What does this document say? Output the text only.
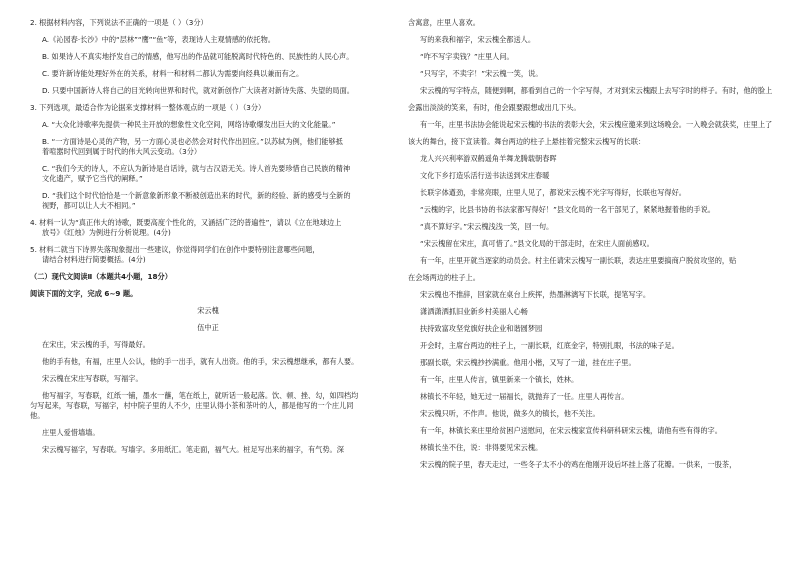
2. 根据材料内容，下列说法不正确的一项是（ ）（3分）
A.《沁园春·长沙》中的“层林”“鹰”“鱼”等，表现诗人主观情感的依托物。
B. 如果诗人不真实地抒发自己的情感，他写出的作品就可能脱离时代特色的、民族性的人民心声。
C. 要许新诗能处理好外在的关系，材料一和材料二都认为需要向经典以兼而有之。
D. 只要中国新诗人将自己的目光转向世界和时代，就对新创作广大读者对新诗失落、失望的局面。
3. 下列选项，最适合作为论据来支撑材料一整体观点的一项是（ ）（3分）
A. “大众化诗歌率先提供一种民主开放的想象性文化空间，网络诗歌爆发出巨大的文化能量。”
B. “一方面诗是心灵的产物，另一方面心灵也必然会对时代作出回应。”以苏轼为例，他们能够抵
着喧嚣时代回到属于时代的伟大风云变动。（3分）
C. “我们今天的诗人，不应认为新诗是自话诗，就与古汉语无关。诗人首先要珍惜自己民族的精神
文化遗产，赋予它当代的阐释。”
D. “我们这个时代恰恰是一个新意象新形象不断被创造出来的时代，新的经验、新的感受与全新的
视野，都可以让人大不相同。”
4. 材料一认为“真正伟大的诗歌，既要高度个性化的，又涵括广泛的普遍性”，请以《立在地球边上
放号》《红烛》为例进行分析说理。(4分)
5. 材料二就当下诗界失落现象提出一些建议，你觉得同学们在创作中要特别注意哪些问题，
请结合材料进行简要概括。(4分)
（二）现代文阅读Ⅱ（本题共4小题，18分）
阅读下面的文字，完成 6~9 题。
宋云槐
伍中正
在宋庄，宋云槐的手，写得最好。
他的手有他，有福，庄里人公认，他的手一出手，就有人出资。他的手，宋云槐想继承，都有人要。
宋云槐在宋庄写春联，写福字。
他写福字，写春联，红纸一铺，墨水一蘸，笔在纸上，就听话一般起落。饮、顿、挫、勾，如四档均
匀写起来，写春联，写福字，村中院子里的人不少，庄里认得小茶和茶叶的人，都是他写的一个庄儿同
他。
庄里人爱惜墙墙。
宋云槐写福字，写春联。写墙字。多用纸汇。笔走面，福气大。桩足写出来的福字，有气势。深
含寓意，庄里人喜欢。
写的来我和福字，宋云槐全都送人。
“咋不写字卖钱？”庄里人问。
“只写字，不卖字！”宋云槐一笑，说。
宋云槐的写字特点，随便到啊，都看到自己的一个字写得，才对到宋云槐跟上去写字时的样子。有时，他的脸上
会露出淡淡的笑来，有时，他会跟要跟想或出几下头。
有一年，庄里书法协会能说起宋云槐的书法的表彰大会，宋云槐应邀来到这场晚会。一入晚会就获奖，庄里上了
该大的舞台，接下宣读着。舞台两边的柱子上悬挂着完整宋云槐写的长联：
龙人兴兴利率游双鹤遥角羊舞龙腾载朝春晖
文化下乡打造乐活行送书法送到宋庄春暖
长联字体遒劲，非常亮眼，庄里人见了，都说宋云槐不光字写得好，长联也写得好。
“云槐的字，比县书协的书法家都写得好！”县文化局的一名干部见了，紧紧地握着他的手说。
“真不算好字。”宋云槐浅浅一笑，回一句。
“宋云槐留在宋庄，真可惜了。”县文化局的干部走时，在宋庄人面前感叹。
有一年，庄里开就当逐家的动员会。村主任请宋云槐写一副长联，表达庄里要搞商户脱贫攻坚的，贴
在会场两边的柱子上。
宋云槐也不推辞，回家就在桌台上疾挥，热墨淋漓写下长联，提笔写字。
潇洒潇洒抓旧业新乡村美丽人心畅
扶持致富攻坚党旗好扶企业和谐圆梦园
开会时，主席台两边的柱子上，一副长联，红底金字，特别扎眼，书法的味子足。
那副长联，宋云槐抄抄满重。他用小楷，又写了一道，挂在庄子里。
有一年，庄里人传言，镇里新来一个镇长，姓林。
林镇长不年轻，她无过一届福长，就抛弃了一任。庄里人再传言。
宋云槐只听，不作声。他说，做多久的镇长，他不关注。
有一年，林镇长来庄里给贫困户送慰问，在宋云槐家宣传科研科研宋云槐，请他有些有得的字。
林镇长坐不住，说：非得要见宋云槐。
宋云槐的院子里，春天走过，一些冬子太不小的鸡在他刚开设后坏挂上落了花瓣。一供来，一股茶，
